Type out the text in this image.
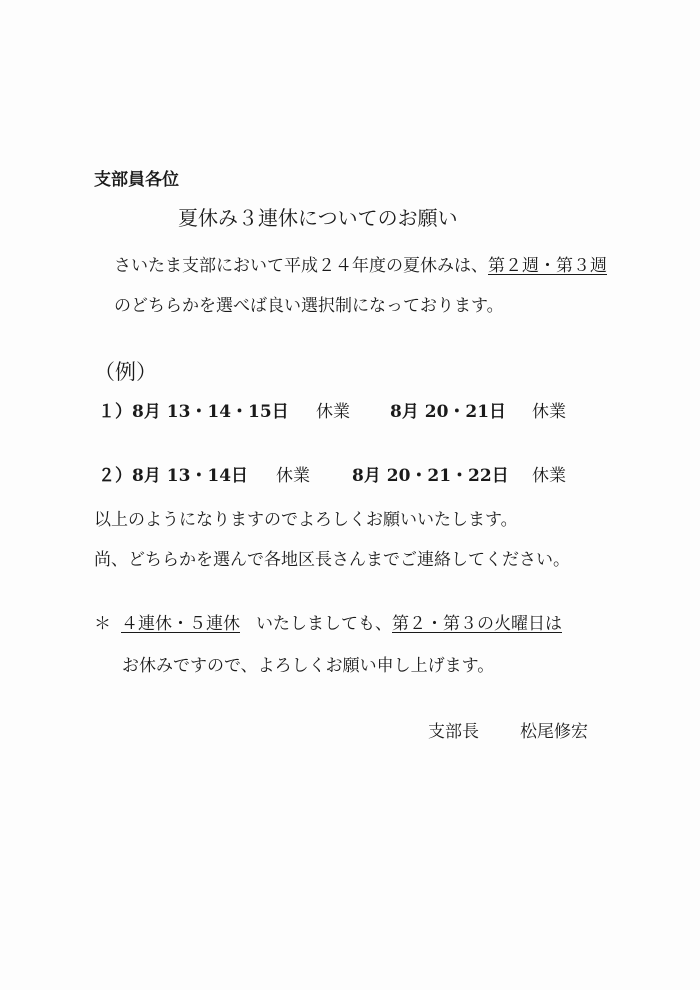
支部員各位
夏休み３連休についてのお願い
さいたま支部において平成２４年度の夏休みは、第２週・第３週
のどちらかを選べば良い選択制になっております。
（例）
１） 8月 13・14・15日 休業 8月 20・21日 休業
２） 8月 13・14日 休業 8月 20・21・22日 休業
以上のようになりますのでよろしくお願いいたします。
尚、どちらかを選んで各地区長さんまでご連絡してください。
＊ ４連休・５連休 いたしましても、第２・第３の火曜日は
お休みですので、よろしくお願い申し上げます。
支部長 松尾修宏
